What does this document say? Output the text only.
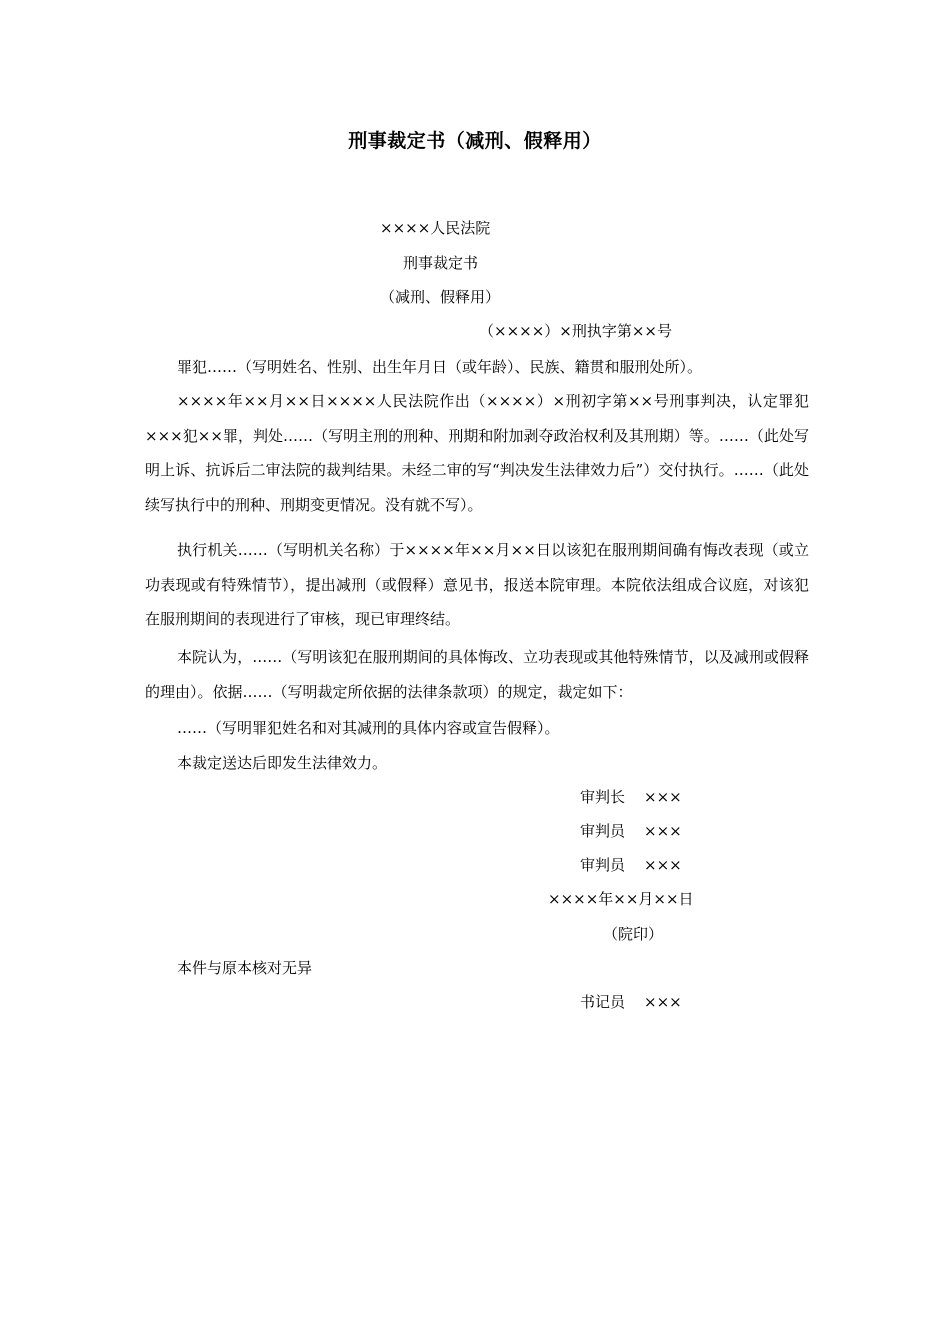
刑事裁定书（减刑、假释用）
××××人民法院
刑事裁定书
（减刑、假释用）
（××××）×刑执字第××号
罪犯……（写明姓名、性别、出生年月日（或年龄）、民族、籍贯和服刑处所）。
××××年××月××日××××人民法院作出（××××）×刑初字第××号刑事判决，认定罪犯×××犯××罪，判处……（写明主刑的刑种、刑期和附加剥夺政治权利及其刑期）等。……（此处写明上诉、抗诉后二审法院的裁判结果。未经二审的写“判决发生法律效力后”）交付执行。……（此处续写执行中的刑种、刑期变更情况。没有就不写）。
执行机关……（写明机关名称）于××××年××月××日以该犯在服刑期间确有悔改表现（或立功表现或有特殊情节），提出减刑（或假释）意见书，报送本院审理。本院依法组成合议庭，对该犯在服刑期间的表现进行了审核，现已审理终结。
本院认为，……（写明该犯在服刑期间的具体悔改、立功表现或其他特殊情节，以及减刑或假释的理由）。依据……（写明裁定所依据的法律条款项）的规定，裁定如下：
……（写明罪犯姓名和对其减刑的具体内容或宣告假释）。
本裁定送达后即发生法律效力。
审判长 ×××
审判员 ×××
审判员 ×××
××××年××月××日
（院印）
本件与原本核对无异
书记员 ×××
